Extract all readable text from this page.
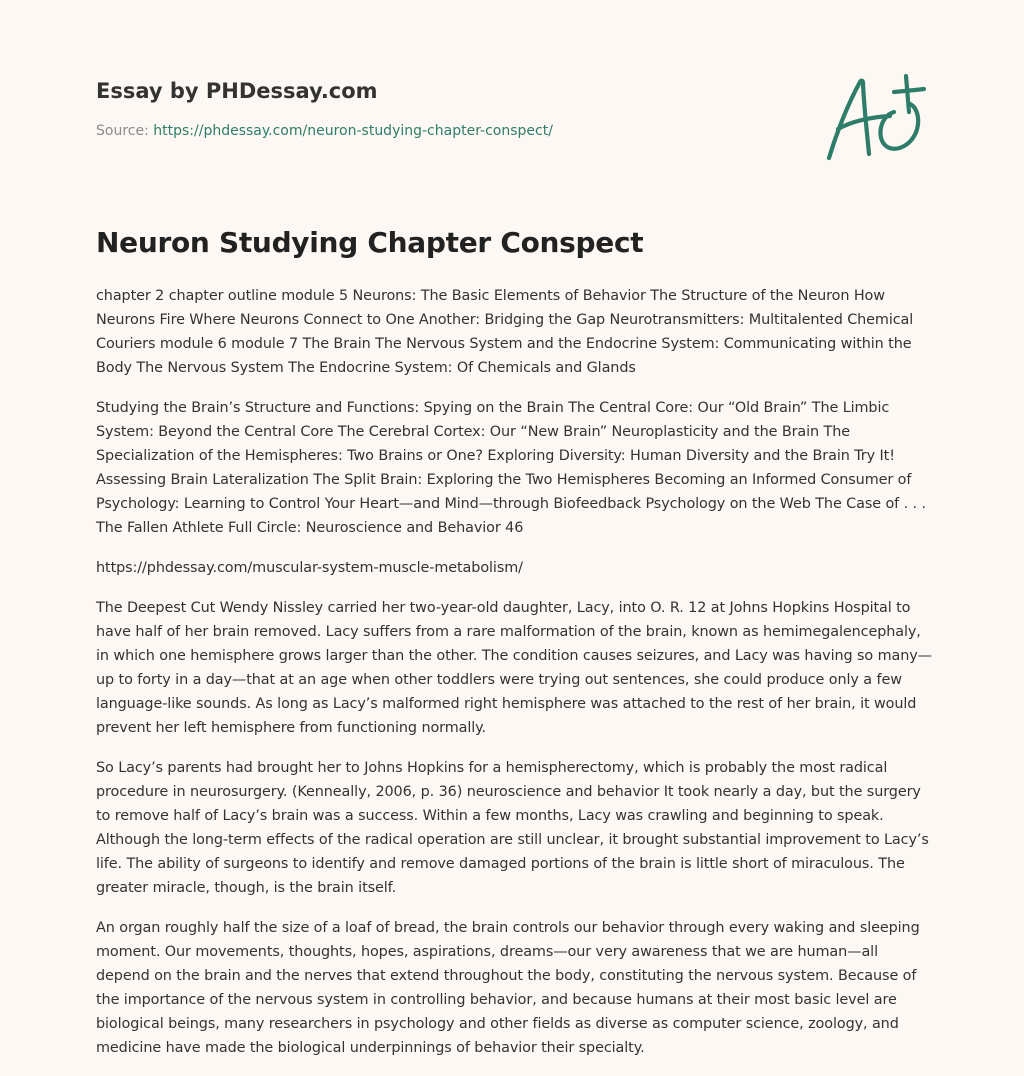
Essay by PHDessay.com
Source: https://phdessay.com/neuron-studying-chapter-conspect/
Neuron Studying Chapter Conspect

chapter 2 chapter outline module 5 Neurons: The Basic Elements of Behavior The Structure of the Neuron How Neurons Fire Where Neurons Connect to One Another: Bridging the Gap Neurotransmitters: Multitalented Chemical Couriers module 6 module 7 The Brain The Nervous System and the Endocrine System: Communicating within the Body The Nervous System The Endocrine System: Of Chemicals and Glands

Studying the Brain’s Structure and Functions: Spying on the Brain The Central Core: Our “Old Brain” The Limbic System: Beyond the Central Core The Cerebral Cortex: Our “New Brain” Neuroplasticity and the Brain The Specialization of the Hemispheres: Two Brains or One? Exploring Diversity: Human Diversity and the Brain Try It! Assessing Brain Lateralization The Split Brain: Exploring the Two Hemispheres Becoming an Informed Consumer of Psychology: Learning to Control Your Heart—and Mind—through Biofeedback Psychology on the Web The Case of . . . The Fallen Athlete Full Circle: Neuroscience and Behavior 46

https://phdessay.com/muscular-system-muscle-metabolism/

The Deepest Cut Wendy Nissley carried her two-year-old daughter, Lacy, into O. R. 12 at Johns Hopkins Hospital to have half of her brain removed. Lacy suffers from a rare malformation of the brain, known as hemimegalencephaly, in which one hemisphere grows larger than the other. The condition causes seizures, and Lacy was having so many—up to forty in a day—that at an age when other toddlers were trying out sentences, she could produce only a few language-like sounds. As long as Lacy’s malformed right hemisphere was attached to the rest of her brain, it would prevent her left hemisphere from functioning normally.

So Lacy’s parents had brought her to Johns Hopkins for a hemispherectomy, which is probably the most radical procedure in neurosurgery. (Kenneally, 2006, p. 36) neuroscience and behavior It took nearly a day, but the surgery to remove half of Lacy’s brain was a success. Within a few months, Lacy was crawling and beginning to speak. Although the long-term effects of the radical operation are still unclear, it brought substantial improvement to Lacy’s life. The ability of surgeons to identify and remove damaged portions of the brain is little short of miraculous. The greater miracle, though, is the brain itself.

An organ roughly half the size of a loaf of bread, the brain controls our behavior through every waking and sleeping moment. Our movements, thoughts, hopes, aspirations, dreams—our very awareness that we are human—all depend on the brain and the nerves that extend throughout the body, constituting the nervous system. Because of the importance of the nervous system in controlling behavior, and because humans at their most basic level are biological beings, many researchers in psychology and other fields as diverse as computer science, zoology, and medicine have made the biological underpinnings of behavior their specialty.
